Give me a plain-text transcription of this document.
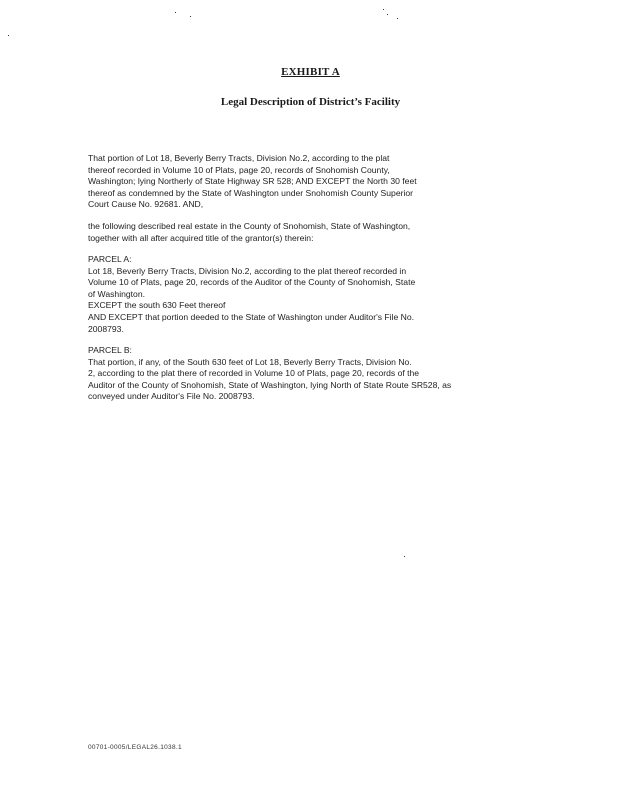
EXHIBIT A
Legal Description of District’s Facility
That portion of Lot 18, Beverly Berry Tracts, Division No.2, according to the plat
thereof recorded in Volume 10 of Plats, page 20, records of Snohomish County,
Washington; lying Northerly of State Highway SR 528; AND EXCEPT the North 30 feet
thereof as condemned by the State of Washington under Snohomish County Superior
Court Cause No. 92681. AND,
the following described real estate in the County of Snohomish, State of Washington,
together with all after acquired title of the grantor(s) therein:
PARCEL A:
Lot 18, Beverly Berry Tracts, Division No.2, according to the plat thereof recorded in
Volume 10 of Plats, page 20, records of the Auditor of the County of Snohomish, State
of Washington.
EXCEPT the south 630 Feet thereof
AND EXCEPT that portion deeded to the State of Washington under Auditor's File No.
2008793.
PARCEL B:
That portion, if any, of the South 630 feet of Lot 18, Beverly Berry Tracts, Division No.
2, according to the plat there of recorded in Volume 10 of Plats, page 20, records of the
Auditor of the County of Snohomish, State of Washington, lying North of State Route SR528, as
conveyed under Auditor's File No. 2008793.
00701-0005/LEGAL26.1038.1
